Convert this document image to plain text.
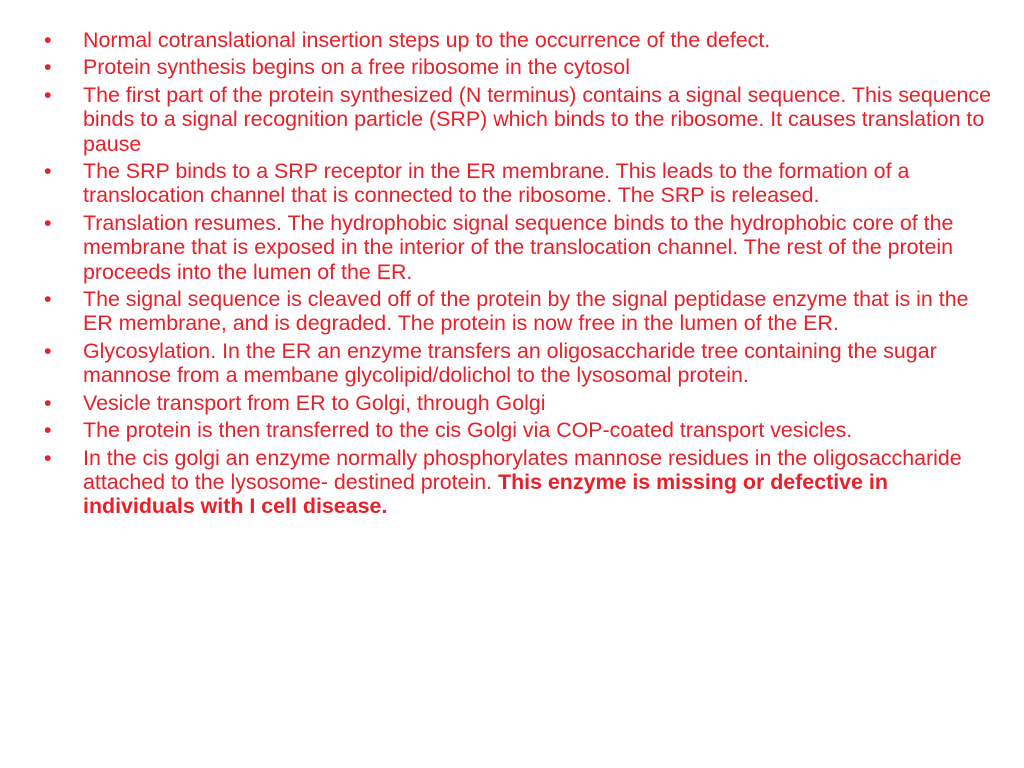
• Normal cotranslational insertion steps up to the occurrence of the defect.
• Protein synthesis begins on a free ribosome in the cytosol
• The first part of the protein synthesized (N terminus) contains a signal sequence. This sequence binds to a signal recognition particle (SRP) which binds to the ribosome. It causes translation to pause
• The SRP binds to a SRP receptor in the ER membrane. This leads to the formation of a translocation channel that is connected to the ribosome. The SRP is released.
• Translation resumes. The hydrophobic signal sequence binds to the hydrophobic core of the membrane that is exposed in the interior of the translocation channel. The rest of the protein proceeds into the lumen of the ER.
• The signal sequence is cleaved off of the protein by the signal peptidase enzyme that is in the ER membrane, and is degraded. The protein is now free in the lumen of the ER.
• Glycosylation. In the ER an enzyme transfers an oligosaccharide tree containing the sugar mannose from a membane glycolipid/dolichol to the lysosomal protein.
• Vesicle transport from ER to Golgi, through Golgi
• The protein is then transferred to the cis Golgi via COP-coated transport vesicles.
• In the cis golgi an enzyme normally phosphorylates mannose residues in the oligosaccharide attached to the lysosome- destined protein. This enzyme is missing or defective in individuals with I cell disease.
